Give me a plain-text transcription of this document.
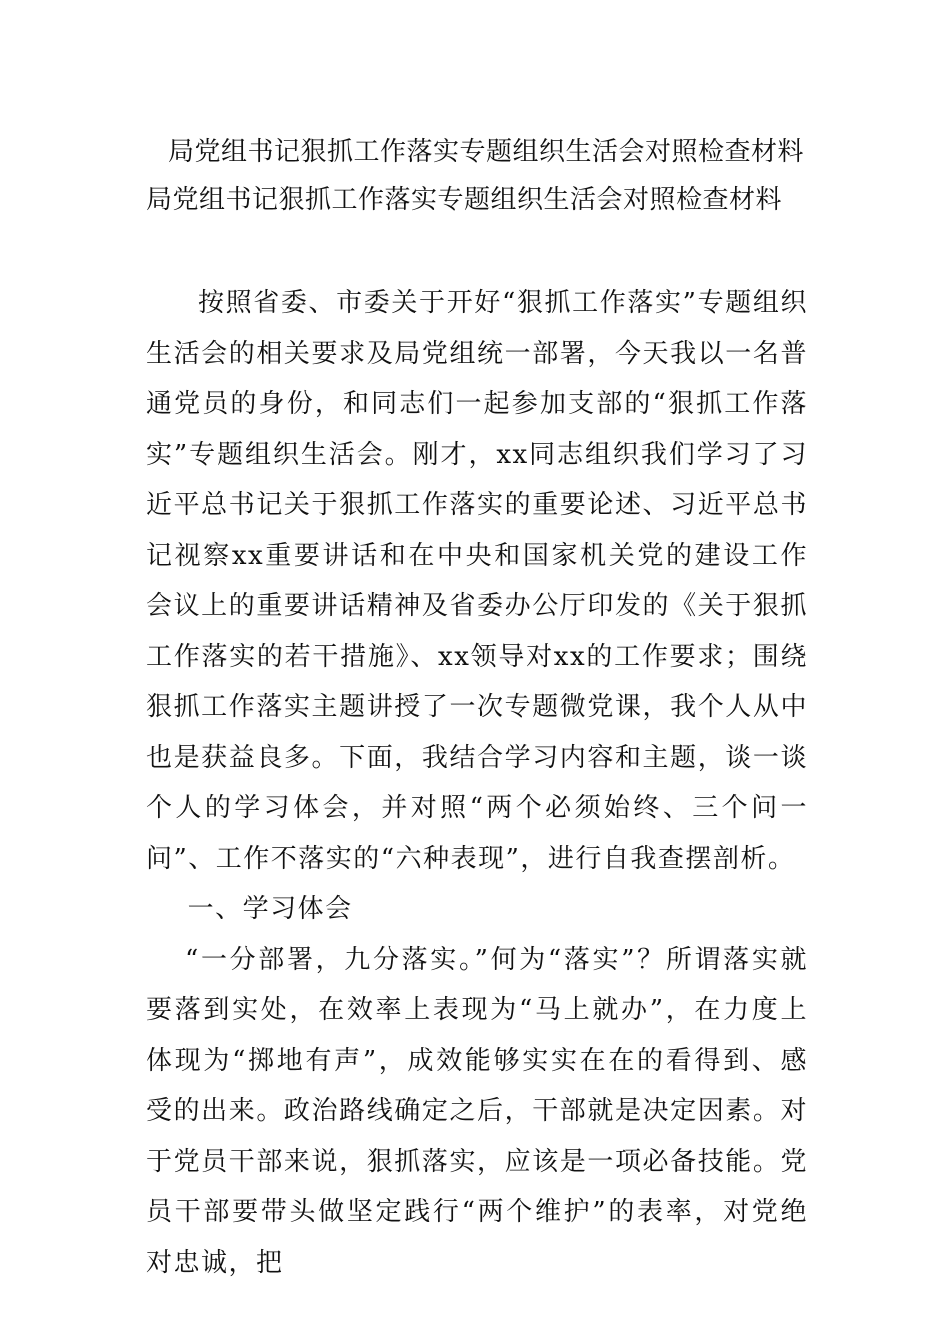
局党组书记狠抓工作落实专题组织生活会对照检查材料
局党组书记狠抓工作落实专题组织生活会对照检查材料

按照省委、市委关于开好“狠抓工作落实”专题组织生活会的相关要求及局党组统一部署，今天我以一名普通党员的身份，和同志们一起参加支部的“狠抓工作落实”专题组织生活会。刚才，xx同志组织我们学习了习近平总书记关于狠抓工作落实的重要论述、习近平总书记视察xx重要讲话和在中央和国家机关党的建设工作会议上的重要讲话精神及省委办公厅印发的《关于狠抓工作落实的若干措施》、xx领导对xx的工作要求；围绕狠抓工作落实主题讲授了一次专题微党课，我个人从中也是获益良多。下面，我结合学习内容和主题，谈一谈个人的学习体会，并对照“两个必须始终、三个问一问”、工作不落实的“六种表现”，进行自我查摆剖析。

一、学习体会

“一分部署，九分落实。”何为“落实”？所谓落实就要落到实处，在效率上表现为“马上就办”，在力度上体现为“掷地有声”，成效能够实实在在的看得到、感受的出来。政治路线确定之后，干部就是决定因素。对于党员干部来说，狠抓落实，应该是一项必备技能。党员干部要带头做坚定践行“两个维护”的表率，对党绝对忠诚，把
